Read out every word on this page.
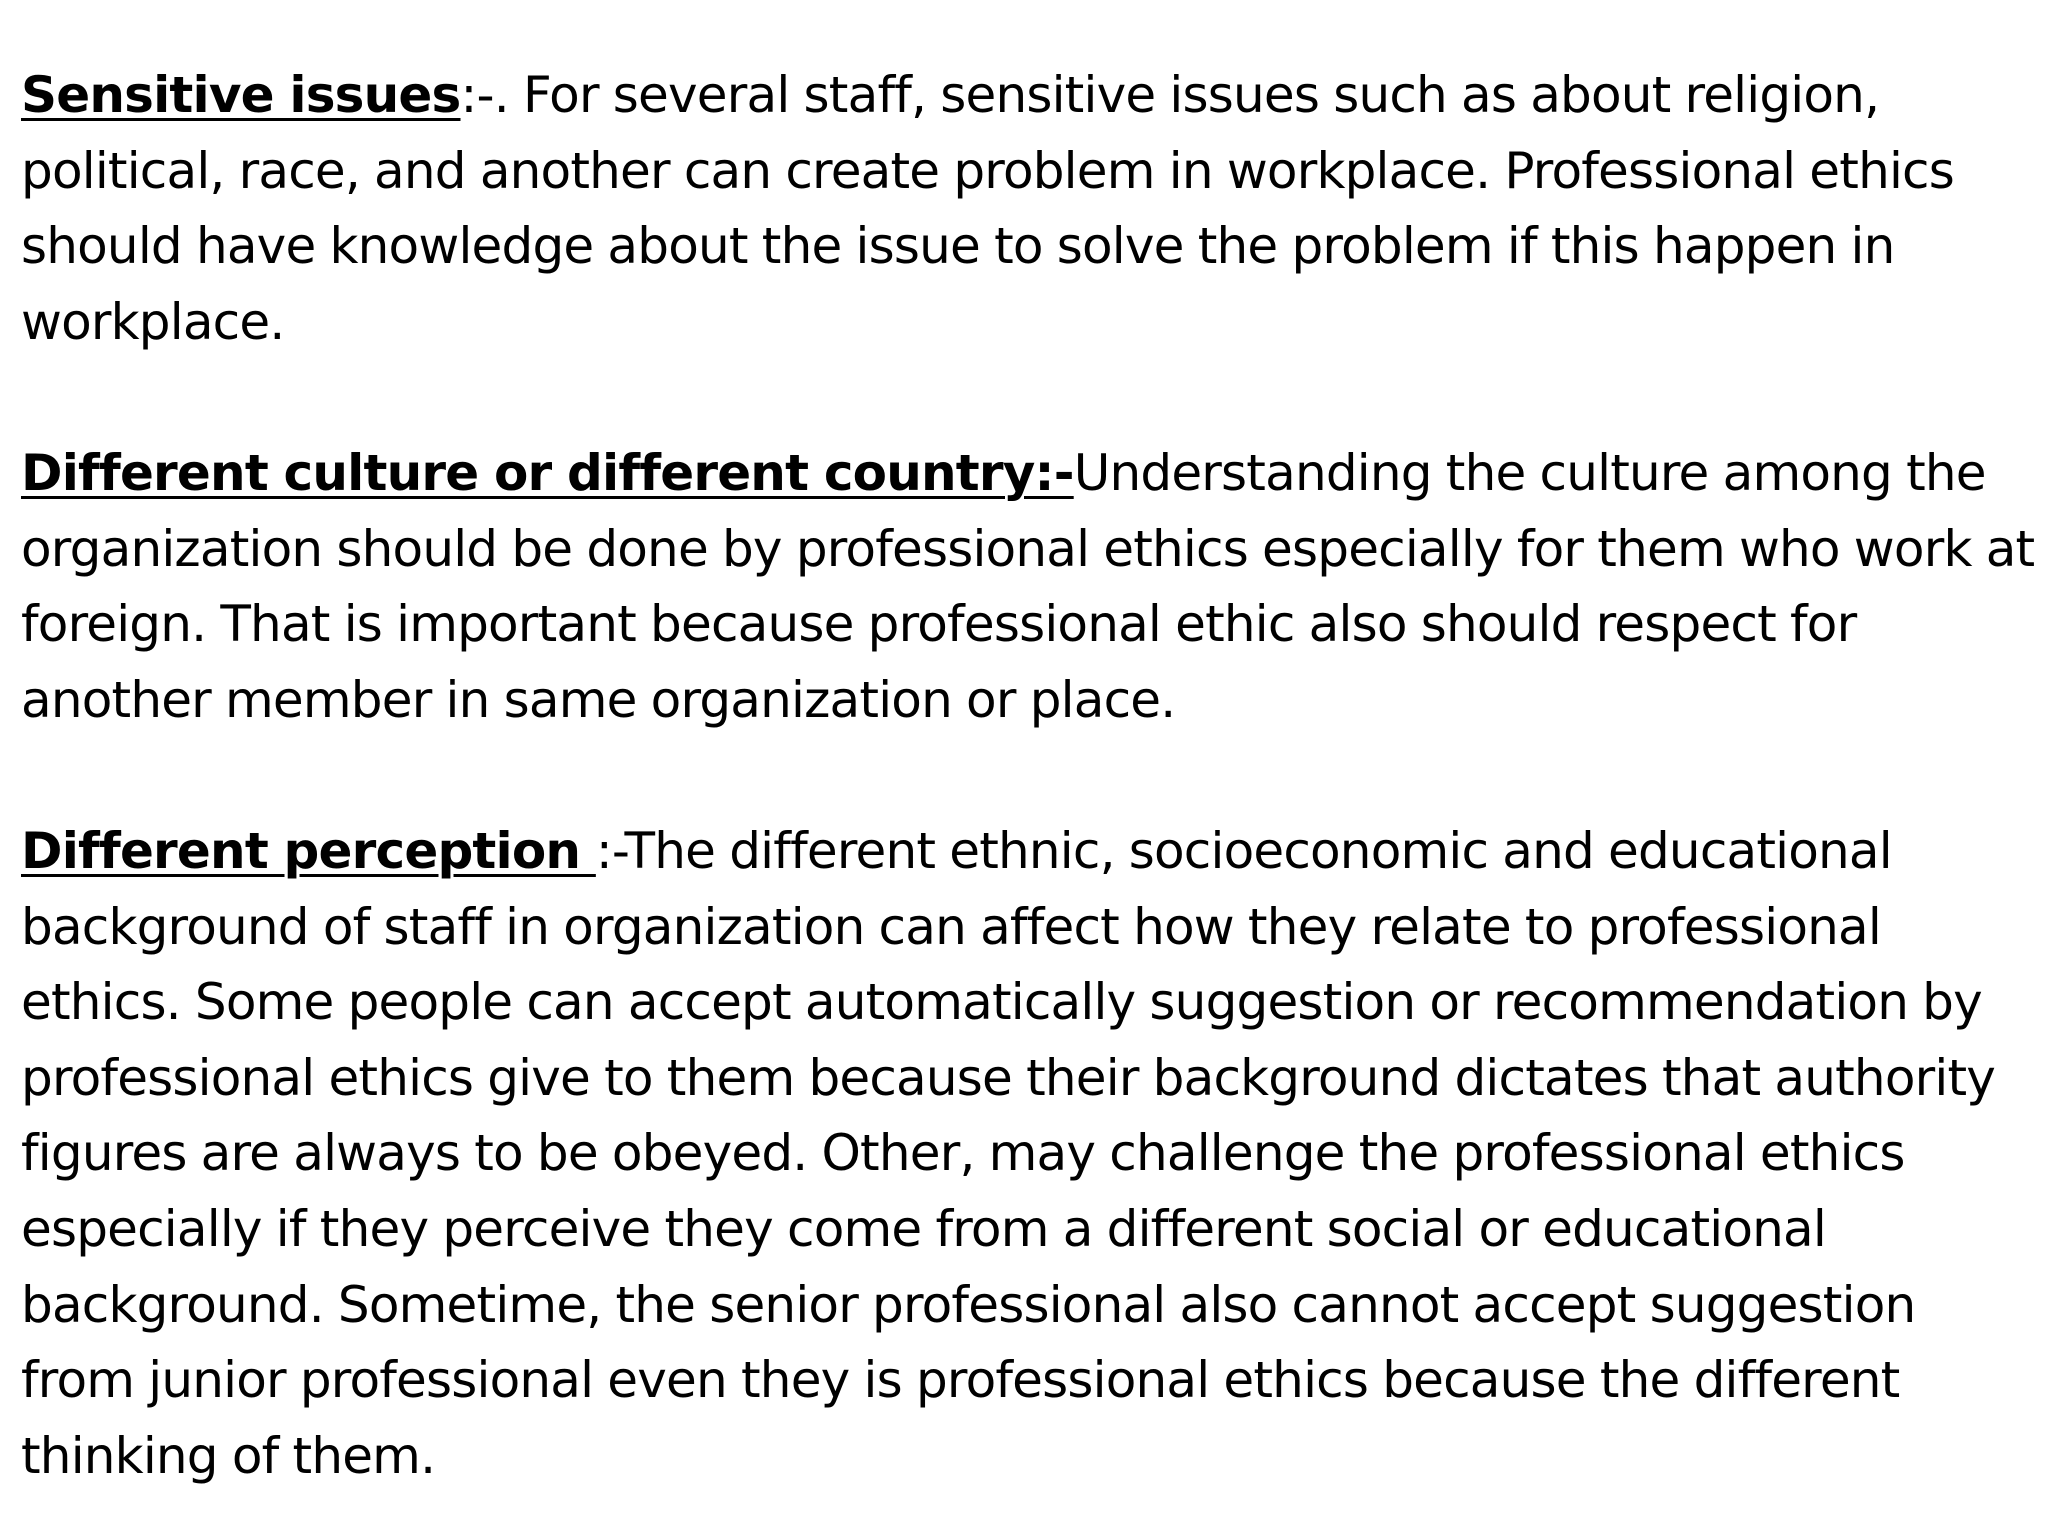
Sensitive issues:-. For several staff, sensitive issues such as about religion, political, race, and another can create problem in workplace. Professional ethics should have knowledge about the issue to solve the problem if this happen in workplace.

Different culture or different country:-Understanding the culture among the organization should be done by professional ethics especially for them who work at foreign. That is important because professional ethic also should respect for another member in same organization or place.

Different perception :-The different ethnic, socioeconomic and educational background of staff in organization can affect how they relate to professional ethics. Some people can accept automatically suggestion or recommendation by professional ethics give to them because their background dictates that authority figures are always to be obeyed. Other, may challenge the professional ethics especially if they perceive they come from a different social or educational background. Sometime, the senior professional also cannot accept suggestion from junior professional even they is professional ethics because the different thinking of them.
